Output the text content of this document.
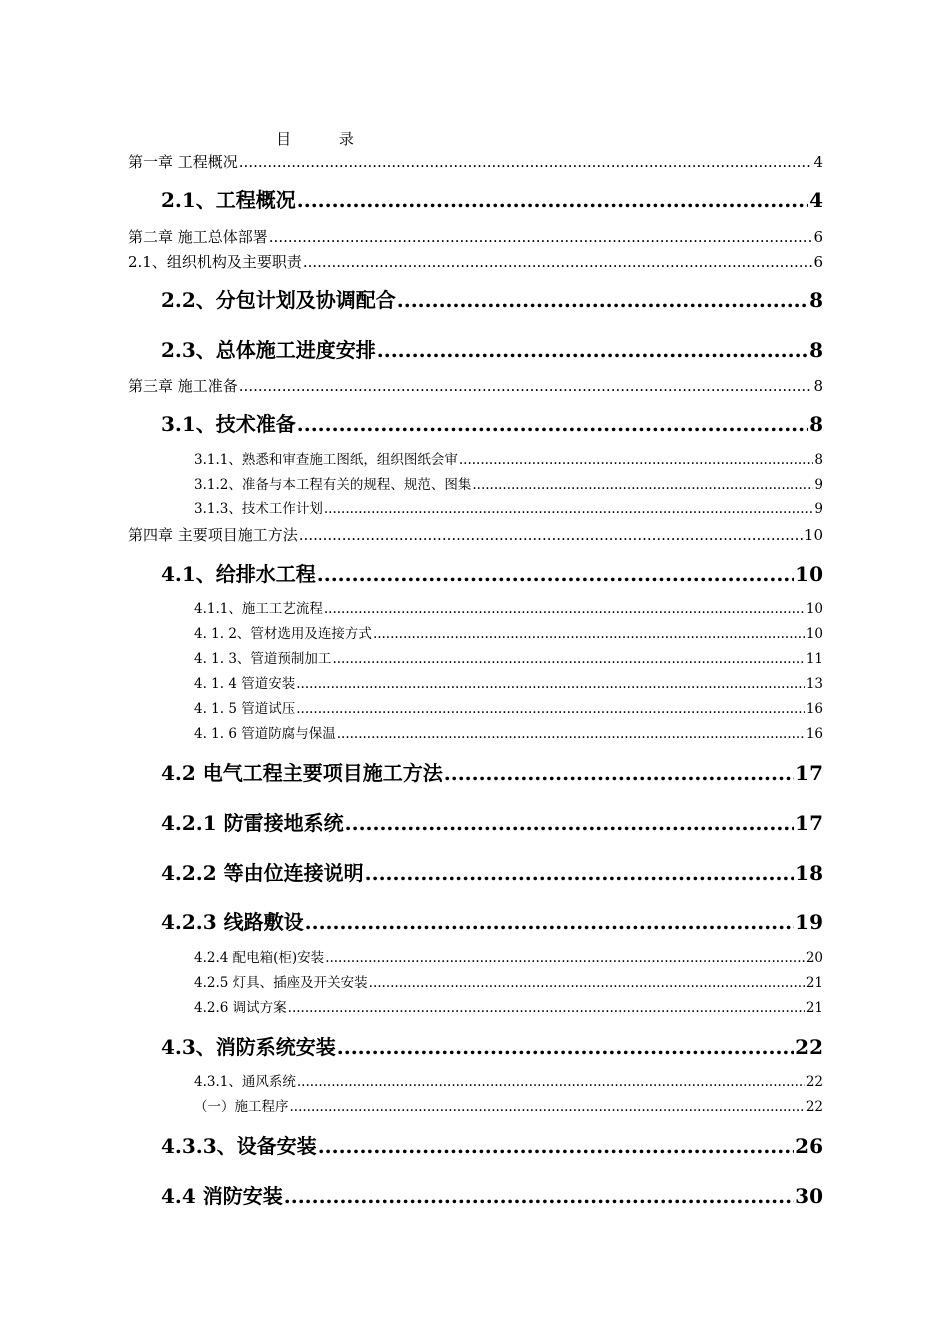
目          录
第一章 工程概况 .....	4
2.1、工程概况 .....	4
第二章 施工总体部署 .....	6
2.1、组织机构及主要职责 .....	6
2.2、分包计划及协调配合 .....	8
2.3、总体施工进度安排 .....	8
第三章 施工准备 .....	8
3.1、技术准备 .....	8
3.1.1、熟悉和审查施工图纸，组织图纸会审 .....	8
3.1.2、准备与本工程有关的规程、规范、图集 .....	9
3.1.3、技术工作计划 .....	9
第四章 主要项目施工方法 .....	10
4.1、给排水工程 .....	10
4.1.1、施工工艺流程 .....	10
4. 1. 2、管材选用及连接方式 .....	10
4. 1. 3、管道预制加工 .....	11
4. 1. 4 管道安装 .....	13
4. 1. 5 管道试压 .....	16
4. 1. 6 管道防腐与保温 .....	16
4.2 电气工程主要项目施工方法 .....	17
4.2.1 防雷接地系统 .....	17
4.2.2 等由位连接说明 .....	18
4.2.3 线路敷设 .....	19
4.2.4 配电箱(柜)安装 .....	20
4.2.5 灯具、插座及开关安装 .....	21
4.2.6 调试方案 .....	21
4.3、消防系统安装 .....	22
4.3.1、通风系统 .....	22
（一）施工程序 .....	22
4.3.3、设备安装 .....	26
4.4 消防安装 .....	30
